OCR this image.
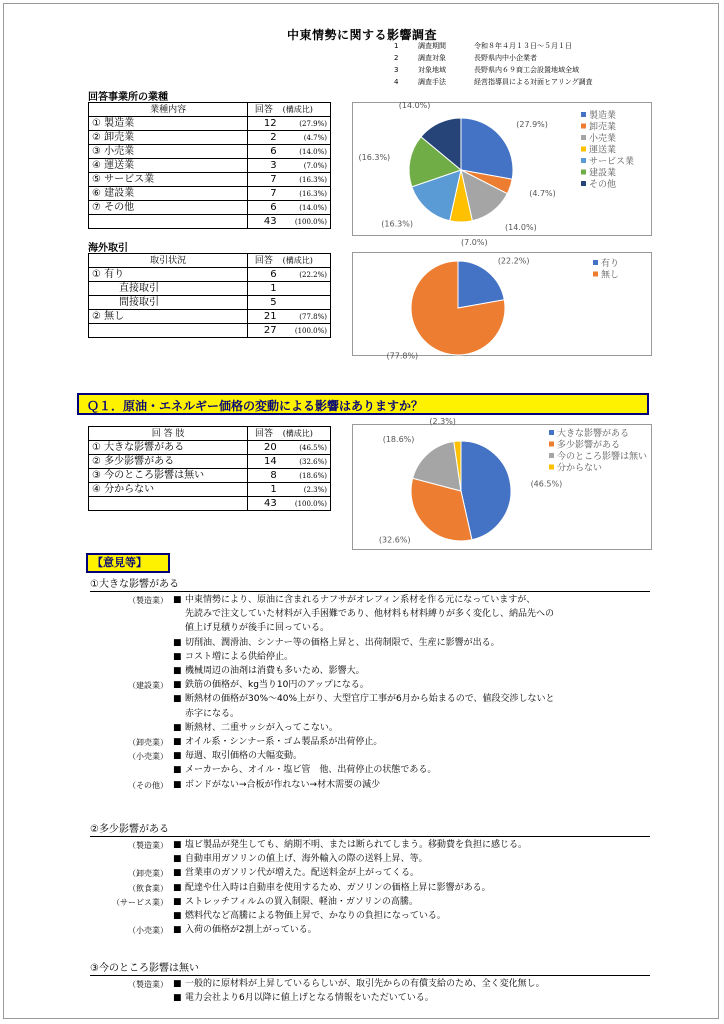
中東情勢に関する影響調査
1	調査期間	令和８年４月１３日～５月１日
2	調査対象	長野県内中小企業者
3	対象地域	長野県内６９商工会設置地域全域
4	調査手法	経営指導員による対面ヒアリング調査
回答事業所の業種
業種内容	回答	(構成比)
① 製造業	12	(27.9%)
② 卸売業	2	(4.7%)
③ 小売業	6	(14.0%)
④ 運送業	3	(7.0%)
⑤ サービス業	7	(16.3%)
⑥ 建設業	7	(16.3%)
⑦ その他	6	(14.0%)
	43	(100.0%)
海外取引
取引状況	回答	(構成比)
① 有り	6	(22.2%)
直接取引	1	
間接取引	5	
② 無し	21	(77.8%)
	27	(100.0%)
(27.9%)
(4.7%)
(14.0%)
(7.0%)
(16.3%)
(16.3%)
(14.0%)
製造業
卸売業
小売業
運送業
サービス業
建設業
その他
(22.2%)
(77.8%)
有り
無し
(46.5%)
(32.6%)
(18.6%)
(2.3%)
大きな影響がある
多少影響がある
今のところ影響は無い
分からない
Ｑ１．原油・エネルギー価格の変動による影響はありますか？
回 答 肢	回答	(構成比)
① 大きな影響がある	20	(46.5%)
② 多少影響がある	14	(32.6%)
③ 今のところ影響は無い	8	(18.6%)
④ 分からない	1	(2.3%)
	43	(100.0%)
【意見等】
①大きな影響がある
（製造業） ■ 中東情勢により、原油に含まれるナフサがオレフィン系材を作る元になっていますが、
先読みで注文していた材料が入手困難であり、他材料も材料縛りが多く変化し、納品先への
値上げ見積りが後手に回っている。
■ 切削油、潤滑油、シンナー等の価格上昇と、出荷制限で、生産に影響が出る。
■ コスト増による供給停止。
■ 機械周辺の油剤は消費も多いため、影響大。
（建設業） ■ 鉄筋の価格が、kg当り10円のアップになる。
■ 断熱材の価格が30%～40%上がり、大型官庁工事が6月から始まるので、値段交渉しないと
赤字になる。
■ 断熱材、二重サッシが入ってこない。
（卸売業） ■ オイル系・シンナー系・ゴム製品系が出荷停止。
（小売業） ■ 毎週、取引価格の大幅変動。
■ メーカーから、オイル・塩ビ管　他、出荷停止の状態である。
（その他） ■ ボンドがない→合板が作れない→材木需要の減少
②多少影響がある
（製造業） ■ 塩ビ製品が発生しても、納期不明、または断られてしまう。移動費を負担に感じる。
■ 自動車用ガソリンの値上げ、海外輸入の際の送料上昇、等。
（卸売業） ■ 営業車のガソリン代が増えた。配送料金が上がってくる。
（飲食業） ■ 配達や仕入時は自動車を使用するため、ガソリンの価格上昇に影響がある。
（サービス業） ■ ストレッチフィルムの買入制限、軽油・ガソリンの高騰。
■ 燃料代など高騰による物価上昇で、かなりの負担になっている。
（小売業） ■ 入荷の価格が2割上がっている。
③今のところ影響は無い
（製造業） ■ 一般的に原材料が上昇しているらしいが、取引先からの有償支給のため、全く変化無し。
■ 電力会社より6月以降に値上げとなる情報をいただいている。
